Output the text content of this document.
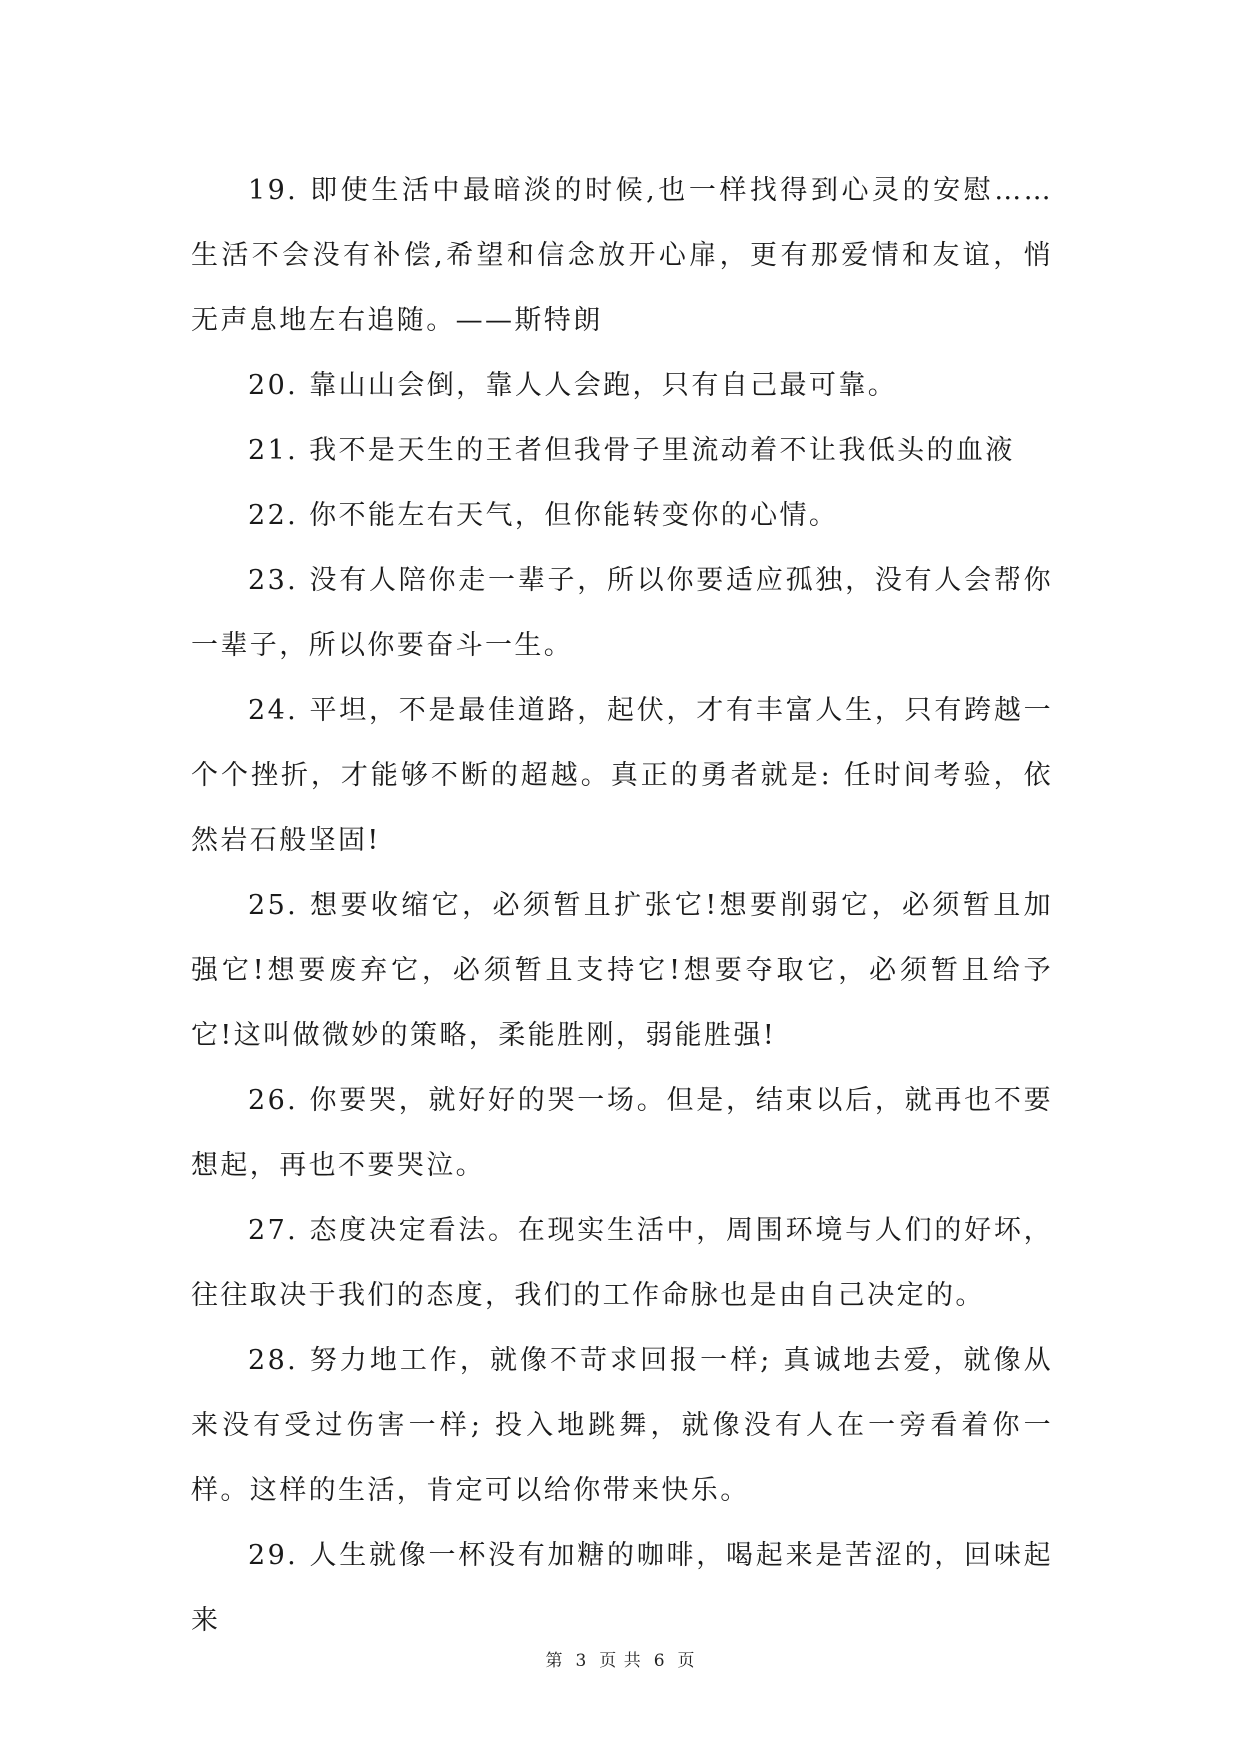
19. 即使生活中最暗淡的时候,也一样找得到心灵的安慰……生活不会没有补偿,希望和信念放开心扉，更有那爱情和友谊，悄无声息地左右追随。——斯特朗

20. 靠山山会倒，靠人人会跑，只有自己最可靠。

21. 我不是天生的王者但我骨子里流动着不让我低头的血液

22. 你不能左右天气，但你能转变你的心情。

23. 没有人陪你走一辈子，所以你要适应孤独，没有人会帮你一辈子，所以你要奋斗一生。

24. 平坦，不是最佳道路，起伏，才有丰富人生，只有跨越一个个挫折，才能够不断的超越。真正的勇者就是: 任时间考验，依然岩石般坚固!

25. 想要收缩它，必须暂且扩张它!想要削弱它，必须暂且加强它!想要废弃它，必须暂且支持它!想要夺取它，必须暂且给予它!这叫做微妙的策略，柔能胜刚，弱能胜强!

26. 你要哭，就好好的哭一场。但是，结束以后，就再也不要想起，再也不要哭泣。

27. 态度决定看法。在现实生活中，周围环境与人们的好坏，往往取决于我们的态度，我们的工作命脉也是由自己决定的。

28. 努力地工作，就像不苛求回报一样; 真诚地去爱，就像从来没有受过伤害一样; 投入地跳舞，就像没有人在一旁看着你一样。这样的生活，肯定可以给你带来快乐。

29. 人生就像一杯没有加糖的咖啡，喝起来是苦涩的，回味起来

第 3 页 共 6 页
